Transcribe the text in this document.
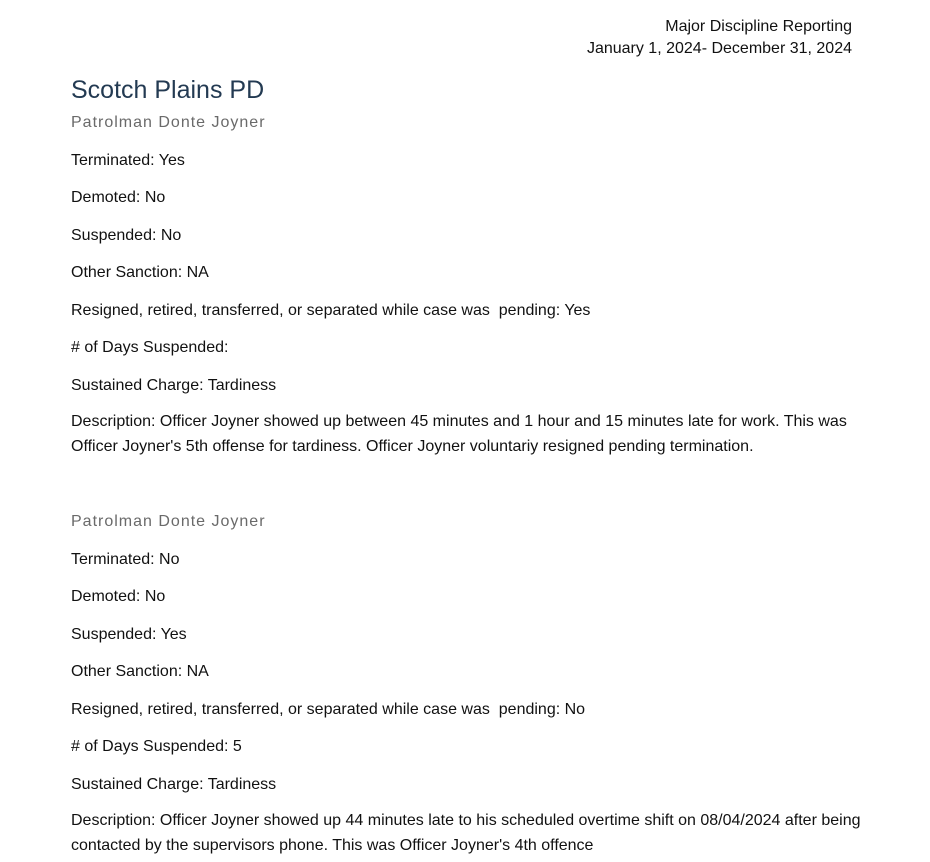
Major Discipline Reporting
January 1, 2024- December 31, 2024
Scotch Plains PD
Patrolman Donte Joyner
Terminated: Yes
Demoted: No
Suspended: No
Other Sanction: NA
Resigned, retired, transferred, or separated while case was  pending: Yes
# of Days Suspended:
Sustained Charge: Tardiness
Description: Officer Joyner showed up between 45 minutes and 1 hour and 15 minutes late for work. This was Officer Joyner's 5th offense for tardiness. Officer Joyner voluntariy resigned pending termination.
Patrolman Donte Joyner
Terminated: No
Demoted: No
Suspended: Yes
Other Sanction: NA
Resigned, retired, transferred, or separated while case was  pending: No
# of Days Suspended: 5
Sustained Charge: Tardiness
Description: Officer Joyner showed up 44 minutes late to his scheduled overtime shift on 08/04/2024 after being contacted by the supervisors phone. This was Officer Joyner's 4th offence
